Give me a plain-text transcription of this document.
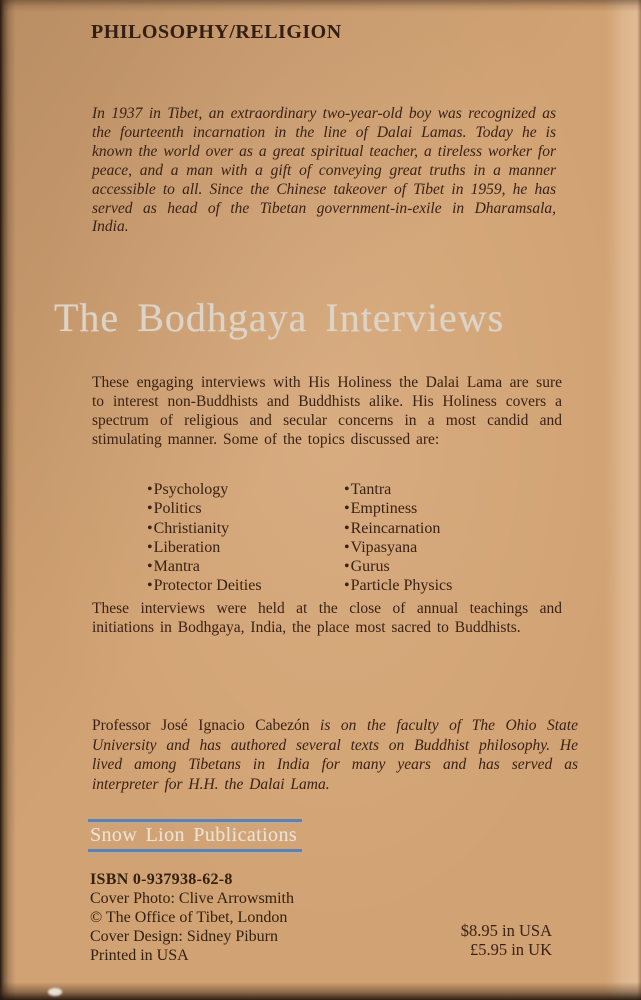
PHILOSOPHY/RELIGION

In 1937 in Tibet, an extraordinary two-year-old boy was recognized as the fourteenth incarnation in the line of Dalai Lamas. Today he is known the world over as a great spiritual teacher, a tireless worker for peace, and a man with a gift of conveying great truths in a manner accessible to all. Since the Chinese takeover of Tibet in 1959, he has served as head of the Tibetan government-in-exile in Dharamsala, India.

The Bodhgaya Interviews

These engaging interviews with His Holiness the Dalai Lama are sure to interest non-Buddhists and Buddhists alike. His Holiness covers a spectrum of religious and secular concerns in a most candid and stimulating manner. Some of the topics discussed are:

• Psychology
• Politics
• Christianity
• Liberation
• Mantra
• Protector Deities
• Tantra
• Emptiness
• Reincarnation
• Vipasyana
• Gurus
• Particle Physics

These interviews were held at the close of annual teachings and initiations in Bodhgaya, India, the place most sacred to Buddhists.

Professor José Ignacio Cabezón is on the faculty of The Ohio State University and has authored several texts on Buddhist philosophy. He lived among Tibetans in India for many years and has served as interpreter for H.H. the Dalai Lama.

Snow Lion Publications
ISBN 0-937938-62-8
Cover Photo: Clive Arrowsmith
© The Office of Tibet, London
Cover Design: Sidney Piburn
Printed in USA
$8.95 in USA
£5.95 in UK
